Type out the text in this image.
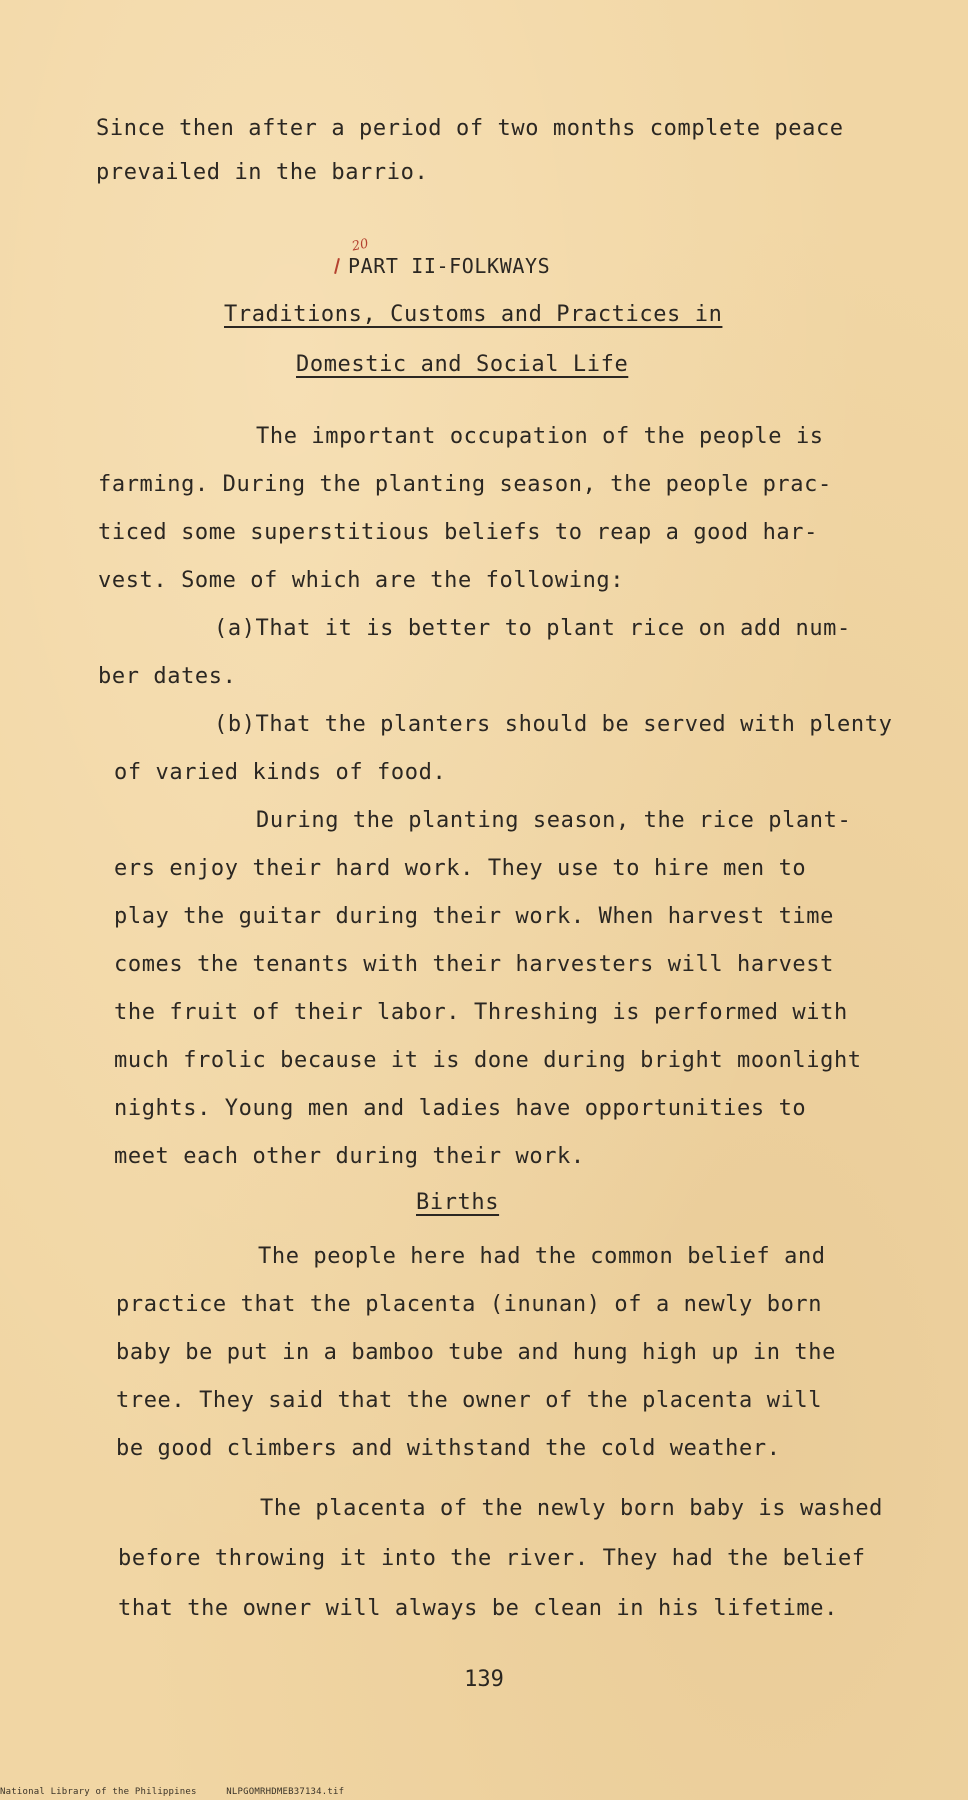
Since then after a period of two months complete peace
prevailed in the barrio.
20
PART II-FOLKWAYS
Traditions, Customs and Practices in
Domestic and Social Life
The important occupation of the people is
farming. During the planting season, the people prac-
ticed some superstitious beliefs to reap a good har-
vest. Some of which are the following:
(a)That it is better to plant rice on add num-
ber dates.
(b)That the planters should be served with plenty
of varied kinds of food.
During the planting season, the rice plant-
ers enjoy their hard work. They use to hire men to
play the guitar during their work. When harvest time
comes the tenants with their harvesters will harvest
the fruit of their labor. Threshing is performed with
much frolic because it is done during bright moonlight
nights. Young men and ladies have opportunities to
meet each other during their work.
Births
The people here had the common belief and
practice that the placenta (inunan) of a newly born
baby be put in a bamboo tube and hung high up in the
tree. They said that the owner of the placenta will
be good climbers and withstand the cold weather.
The placenta of the newly born baby is washed
before throwing it into the river. They had the belief
that the owner will always be clean in his lifetime.
139
National Library of the Philippines	NLPGOMRHDMEB37134.tif
